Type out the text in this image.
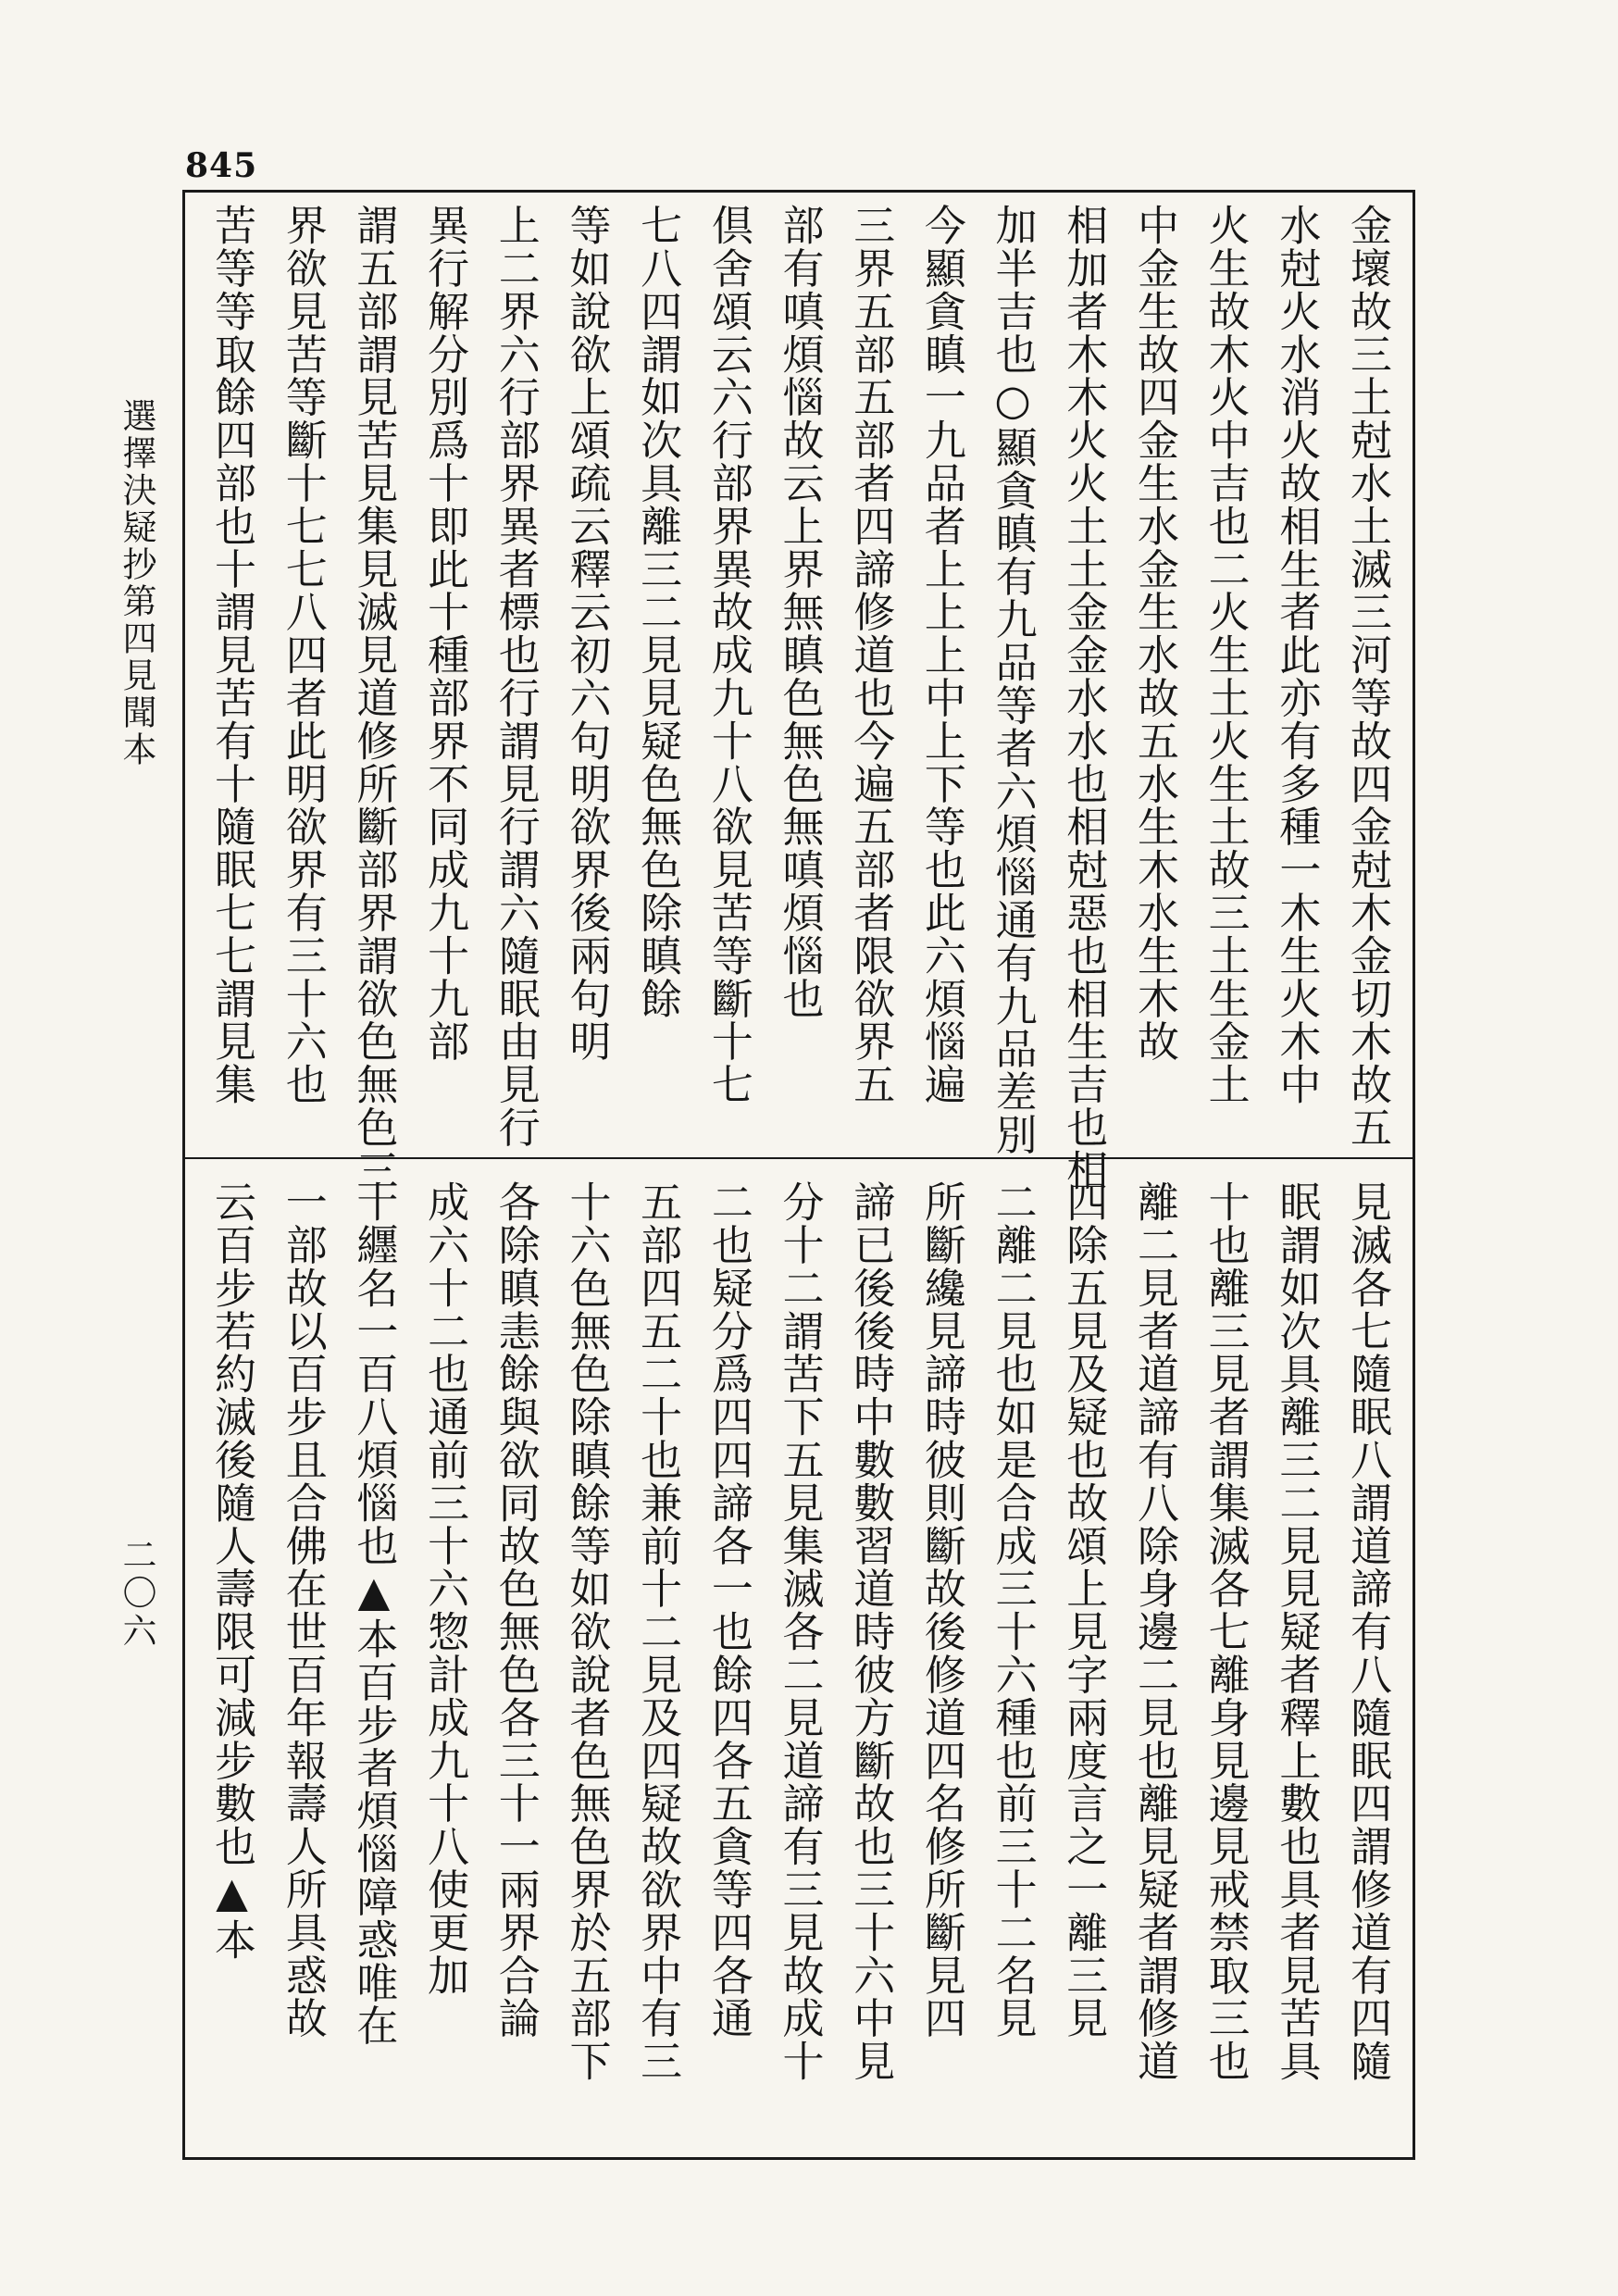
845
金壞故三土尅水土滅三河等故四金尅木金切木故五
水尅火水消火故相生者此亦有多種一木生火木中
火生故木火中吉也二火生土火生土故三土生金土
中金生故四金生水金生水故五水生木水生木故
相加者木木火火土土金金水水也相尅惡也相生吉也相
加半吉也○顯貪瞋有九品等者六煩惱通有九品差別
今顯貪瞋一九品者上上上中上下等也此六煩惱遍
三界五部五部者四諦修道也今遍五部者限欲界五
部有嗔煩惱故云上界無瞋色無色無嗔煩惱也
倶舍頌云六行部界異故成九十八欲見苦等斷十七
七八四謂如次具離三二見見疑色無色除瞋餘
等如說欲上頌疏云釋云初六句明欲界後兩句明
上二界六行部界異者標也行謂見行謂六隨眠由見行
異行解分別爲十即此十種部界不同成九十九部
謂五部謂見苦見集見滅見道修所斷部界謂欲色無色三
界欲見苦等斷十七七八四者此明欲界有三十六也
苦等等取餘四部也十謂見苦有十隨眠七七謂見集
見滅各七隨眠八謂道諦有八隨眠四謂修道有四隨
眠謂如次具離三二見見疑者釋上數也具者見苦具
十也離三見者謂集滅各七離身見邊見戒禁取三也
離二見者道諦有八除身邊二見也離見疑者謂修道
四除五見及疑也故頌上見字兩度言之一離三見
二離二見也如是合成三十六種也前三十二名見
所斷纔見諦時彼則斷故後修道四名修所斷見四
諦已後後時中數數習道時彼方斷故也三十六中見
分十二謂苦下五見集滅各二見道諦有三見故成十
二也疑分爲四四諦各一也餘四各五貪等四各通
五部四五二十也兼前十二見及四疑故欲界中有三
十六色無色除瞋餘等如欲說者色無色界於五部下
各除瞋恚餘與欲同故色無色各三十一兩界合論
成六十二也通前三十六惣計成九十八使更加
十纒名一百八煩惱也▲本百步者煩惱障惑唯在
一部故以百步且合佛在世百年報壽人所具惑故
云百步若約滅後隨人壽限可減步數也▲本
選擇決疑抄第四見聞本
二〇六
